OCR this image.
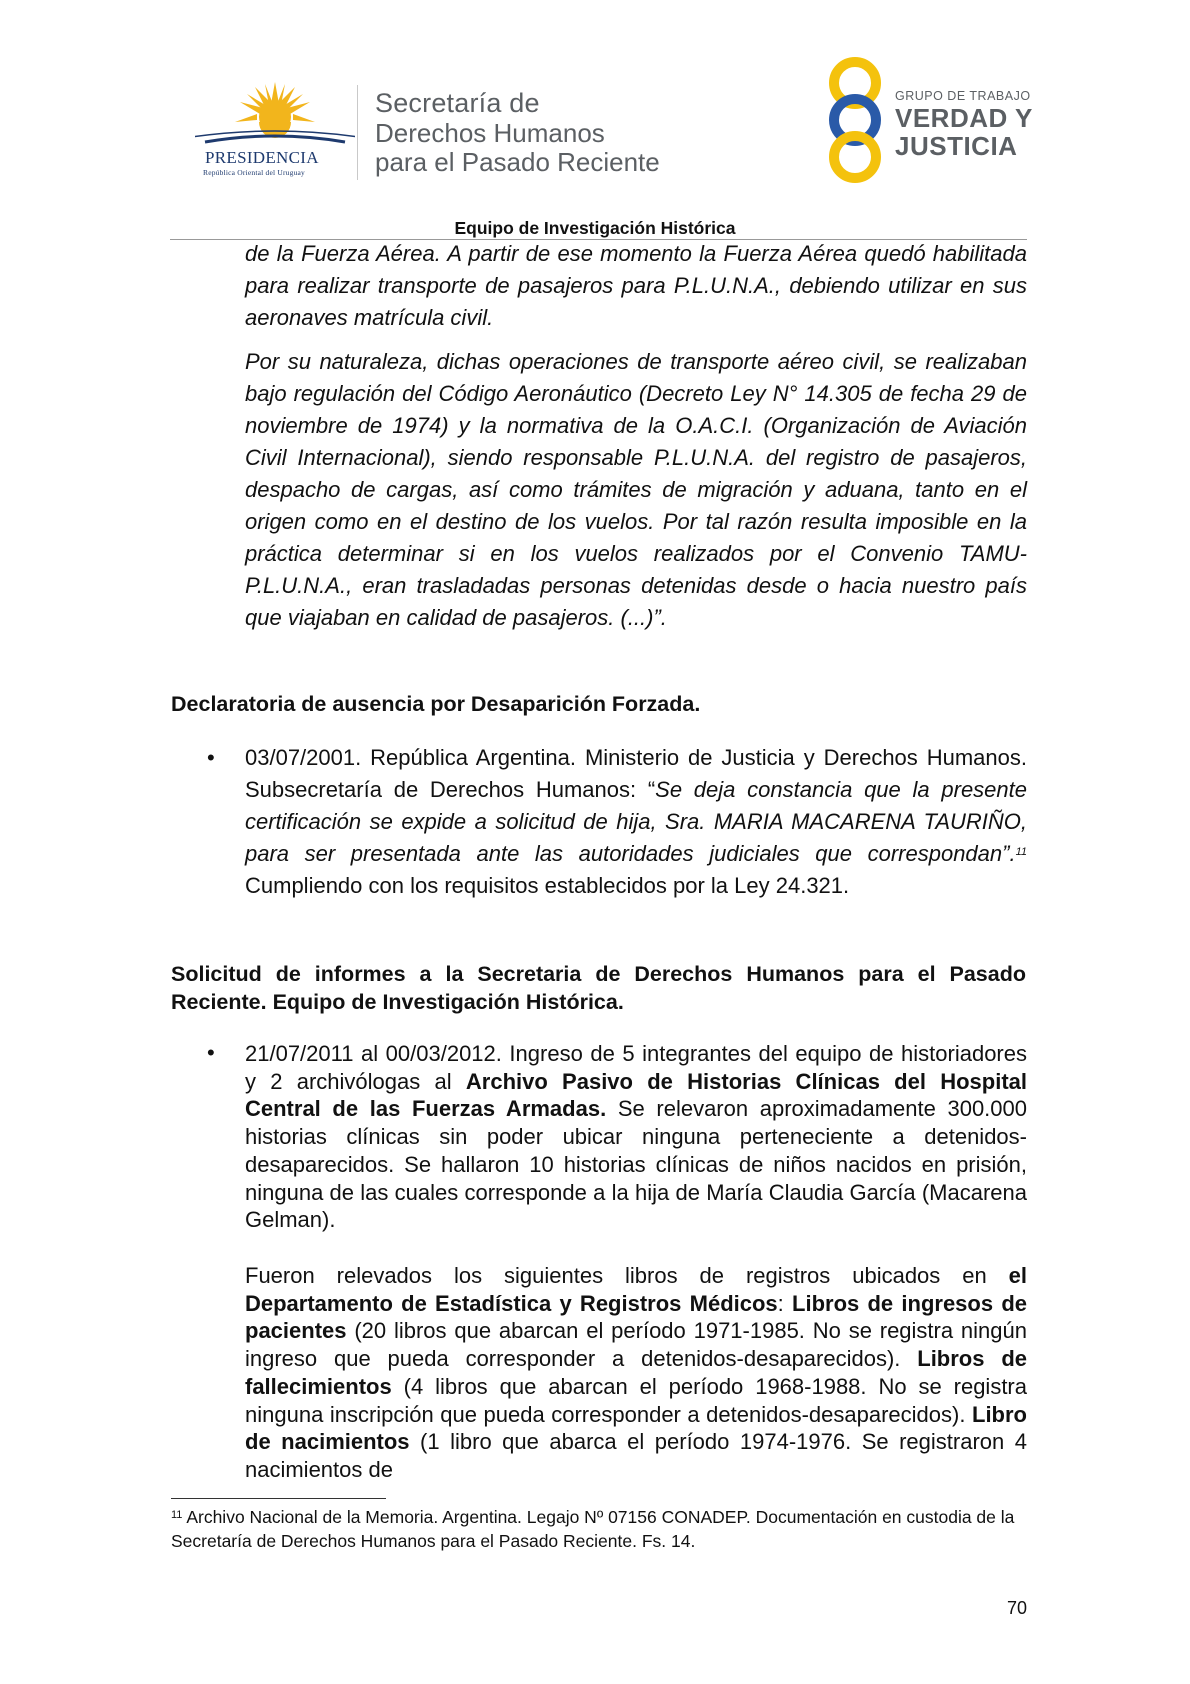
PRESIDENCIA
República Oriental del Uruguay
Secretaría de
Derechos Humanos
para el Pasado Reciente
GRUPO DE TRABAJO
VERDAD Y
JUSTICIA
Equipo de Investigación Histórica

de la Fuerza Aérea. A partir de ese momento la Fuerza Aérea quedó habilitada para realizar transporte de pasajeros para P.L.U.N.A., debiendo utilizar en sus aeronaves matrícula civil.

Por su naturaleza, dichas operaciones de transporte aéreo civil, se realizaban bajo regulación del Código Aeronáutico (Decreto Ley N° 14.305 de fecha 29 de noviembre de 1974) y la normativa de la O.A.C.I. (Organización de Aviación Civil Internacional), siendo responsable P.L.U.N.A. del registro de pasajeros, despacho de cargas, así como trámites de migración y aduana, tanto en el origen como en el destino de los vuelos. Por tal razón resulta imposible en la práctica determinar si en los vuelos realizados por el Convenio TAMU-P.L.U.N.A., eran trasladadas personas detenidas desde o hacia nuestro país que viajaban en calidad de pasajeros. (...)”.

Declaratoria de ausencia por Desaparición Forzada.
• 03/07/2001. República Argentina. Ministerio de Justicia y Derechos Humanos. Subsecretaría de Derechos Humanos: “Se deja constancia que la presente certificación se expide a solicitud de hija, Sra. MARIA MACARENA TAURIÑO, para ser presentada ante las autoridades judiciales que correspondan”.$^{11}$ Cumpliendo con los requisitos establecidos por la Ley 24.321.

Solicitud de informes a la Secretaria de Derechos Humanos para el Pasado Reciente. Equipo de Investigación Histórica.
• 21/07/2011 al 00/03/2012. Ingreso de 5 integrantes del equipo de historiadores y 2 archivólogas al Archivo Pasivo de Historias Clínicas del Hospital Central de las Fuerzas Armadas. Se relevaron aproximadamente 300.000 historias clínicas sin poder ubicar ninguna perteneciente a detenidos-desaparecidos. Se hallaron 10 historias clínicas de niños nacidos en prisión, ninguna de las cuales corresponde a la hija de María Claudia García (Macarena Gelman).

Fueron relevados los siguientes libros de registros ubicados en el Departamento de Estadística y Registros Médicos: Libros de ingresos de pacientes (20 libros que abarcan el período 1971-1985. No se registra ningún ingreso que pueda corresponder a detenidos-desaparecidos). Libros de fallecimientos (4 libros que abarcan el período 1968-1988. No se registra ninguna inscripción que pueda corresponder a detenidos-desaparecidos). Libro de nacimientos (1 libro que abarca el período 1974-1976. Se registraron 4 nacimientos de

$^{11}$ Archivo Nacional de la Memoria. Argentina. Legajo Nº 07156 CONADEP. Documentación en custodia de la Secretaría de Derechos Humanos para el Pasado Reciente. Fs. 14.
70
